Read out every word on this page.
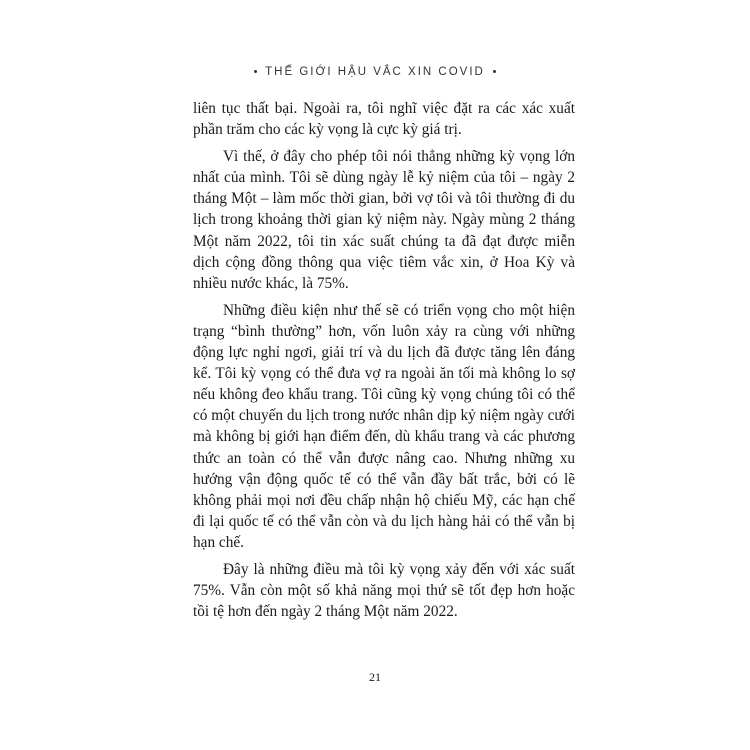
THẾ GIỚI HẬU VẮC XIN COVID

liên tục thất bại. Ngoài ra, tôi nghĩ việc đặt ra các xác xuất phần trăm cho các kỳ vọng là cực kỳ giá trị.

Vì thế, ở đây cho phép tôi nói thẳng những kỳ vọng lớn nhất của mình. Tôi sẽ dùng ngày lễ kỷ niệm của tôi – ngày 2 tháng Một – làm mốc thời gian, bởi vợ tôi và tôi thường đi du lịch trong khoảng thời gian kỷ niệm này. Ngày mùng 2 tháng Một năm 2022, tôi tin xác suất chúng ta đã đạt được miễn dịch cộng đồng thông qua việc tiêm vắc xin, ở Hoa Kỳ và nhiều nước khác, là 75%.

Những điều kiện như thế sẽ có triển vọng cho một hiện trạng “bình thường” hơn, vốn luôn xảy ra cùng với những động lực nghỉ ngơi, giải trí và du lịch đã được tăng lên đáng kể. Tôi kỳ vọng có thể đưa vợ ra ngoài ăn tối mà không lo sợ nếu không đeo khẩu trang. Tôi cũng kỳ vọng chúng tôi có thể có một chuyến du lịch trong nước nhân dịp kỷ niệm ngày cưới mà không bị giới hạn điểm đến, dù khẩu trang và các phương thức an toàn có thể vẫn được nâng cao. Nhưng những xu hướng vận động quốc tế có thể vẫn đầy bất trắc, bởi có lẽ không phải mọi nơi đều chấp nhận hộ chiếu Mỹ, các hạn chế đi lại quốc tế có thể vẫn còn và du lịch hàng hải có thể vẫn bị hạn chế.

Đây là những điều mà tôi kỳ vọng xảy đến với xác suất 75%. Vẫn còn một số khả năng mọi thứ sẽ tốt đẹp hơn hoặc tồi tệ hơn đến ngày 2 tháng Một năm 2022.

21
